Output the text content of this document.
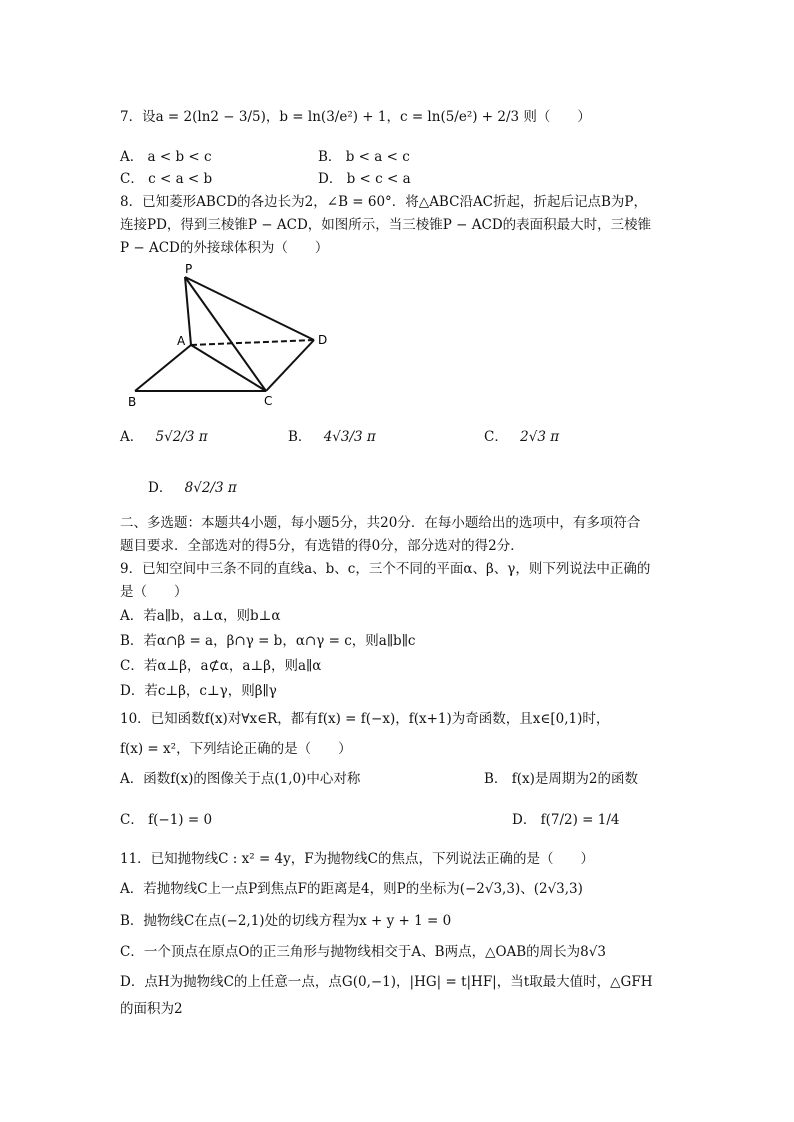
7．设a = 2(ln2 − 3/5)，b = ln(3/e²) + 1，c = ln(5/e²) + 2/3 则（　　）
A． a < b < c	B． b < a < c
C． c < a < b	D． b < c < a
8．已知菱形ABCD的各边长为2，∠B = 60°．将△ABC沿AC折起，折起后记点B为P，
连接PD，得到三棱锥P − ACD，如图所示，当三棱锥P − ACD的表面积最大时，三棱锥
P − ACD的外接球体积为（　　）
P
A	D
B	C
A． 5√2/3 π	B． 4√3/3 π	C． 2√3 π
D． 8√2/3 π
二、多选题：本题共4小题，每小题5分，共20分．在每小题给出的选项中，有多项符合
题目要求．全部选对的得5分，有选错的得0分，部分选对的得2分．
9．已知空间中三条不同的直线a、b、c，三个不同的平面α、β、γ，则下列说法中正确的
是（　　）
A．若a∥b，a⊥α，则b⊥α
B．若α∩β = a，β∩γ = b，α∩γ = c，则a∥b∥c
C．若α⊥β，a⊄α，a⊥β，则a∥α
D．若c⊥β，c⊥γ，则β∥γ
10．已知函数f(x)对∀x∈R，都有f(x) = f(−x)，f(x+1)为奇函数，且x∈[0,1)时，
f(x) = x²，下列结论正确的是（　　）
A．函数f(x)的图像关于点(1,0)中心对称	B． f(x)是周期为2的函数
C． f(−1) = 0	D． f(7/2) = 1/4
11．已知抛物线C : x² = 4y，F为抛物线C的焦点，下列说法正确的是（　　）
A．若抛物线C上一点P到焦点F的距离是4，则P的坐标为(−2√3,3)、(2√3,3)
B．抛物线C在点(−2,1)处的切线方程为x + y + 1 = 0
C．一个顶点在原点O的正三角形与抛物线相交于A、B两点，△OAB的周长为8√3
D．点H为抛物线C的上任意一点，点G(0,−1)，|HG| = t|HF|，当t取最大值时，△GFH
的面积为2
